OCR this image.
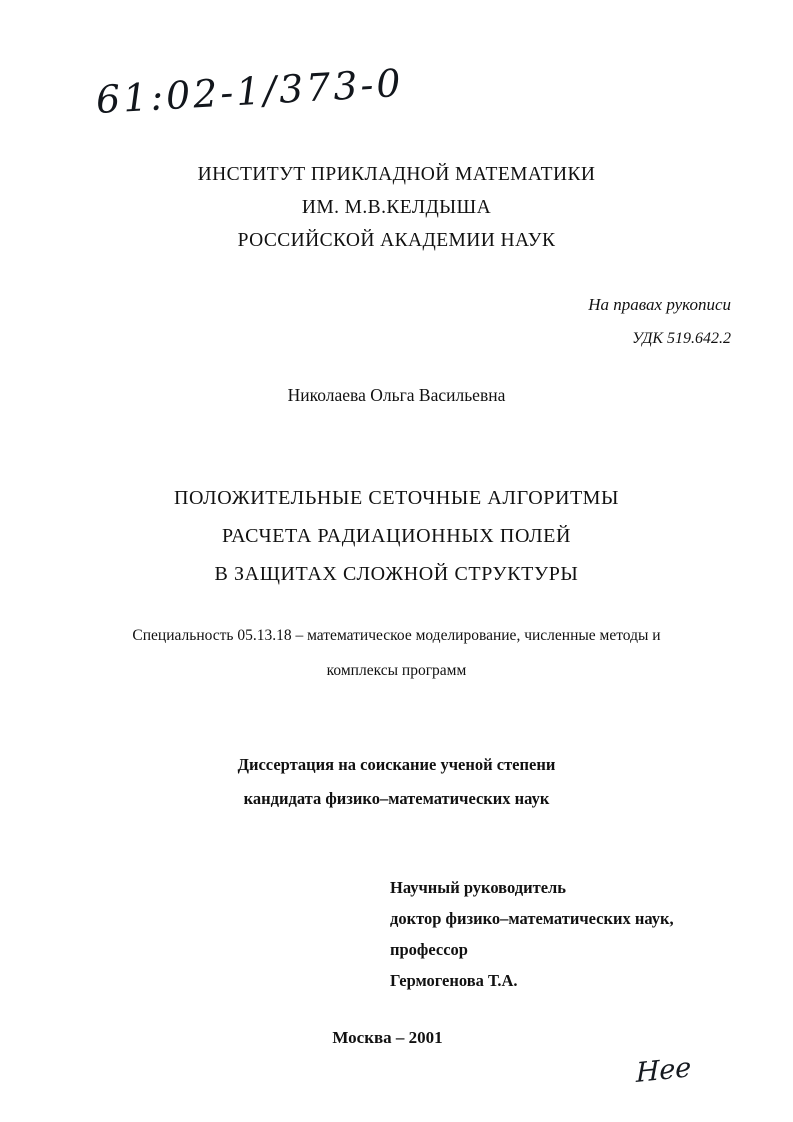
61:02-1/373-0
ИНСТИТУТ ПРИКЛАДНОЙ МАТЕМАТИКИ
ИМ. М.В.КЕЛДЫША
РОССИЙСКОЙ АКАДЕМИИ НАУК
На правах рукописи
УДК 519.642.2
Николаева Ольга Васильевна
ПОЛОЖИТЕЛЬНЫЕ СЕТОЧНЫЕ АЛГОРИТМЫ
РАСЧЕТА РАДИАЦИОННЫХ ПОЛЕЙ
В ЗАЩИТАХ СЛОЖНОЙ СТРУКТУРЫ
Специальность 05.13.18 – математическое моделирование, численные методы и
комплексы программ
Диссертация на соискание ученой степени
кандидата физико–математических наук
Научный руководитель
доктор физико–математических наук,
профессор
Гермогенова Т.А.
Москва – 2001
Нее
